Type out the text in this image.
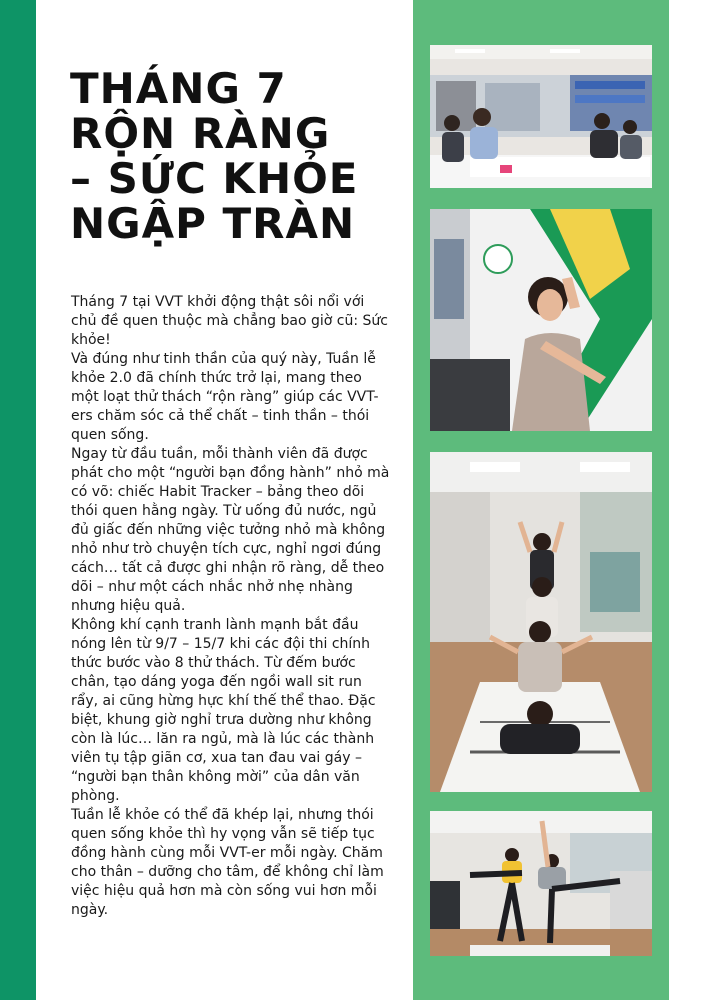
THÁNG 7
RỘN RÀNG
– SỨC KHỎE
NGẬP TRÀN

Tháng 7 tại VVT khởi động thật sôi nổi với chủ đề quen thuộc mà chẳng bao giờ cũ: Sức khỏe!

Và đúng như tinh thần của quý này, Tuần lễ khỏe 2.0 đã chính thức trở lại, mang theo một loạt thử thách “rộn ràng” giúp các VVT-ers chăm sóc cả thể chất – tinh thần – thói quen sống.

Ngay từ đầu tuần, mỗi thành viên đã được phát cho một “người bạn đồng hành” nhỏ mà có võ: chiếc Habit Tracker – bảng theo dõi thói quen hằng ngày. Từ uống đủ nước, ngủ đủ giấc đến những việc tưởng nhỏ mà không nhỏ như trò chuyện tích cực, nghỉ ngơi đúng cách… tất cả được ghi nhận rõ ràng, dễ theo dõi – như một cách nhắc nhở nhẹ nhàng nhưng hiệu quả.

Không khí cạnh tranh lành mạnh bắt đầu nóng lên từ 9/7 – 15/7 khi các đội thi chính thức bước vào 8 thử thách. Từ đếm bước chân, tạo dáng yoga đến ngồi wall sit run rẩy, ai cũng hừng hực khí thế thể thao. Đặc biệt, khung giờ nghỉ trưa dường như không còn là lúc… lăn ra ngủ, mà là lúc các thành viên tụ tập giãn cơ, xua tan đau vai gáy – “người bạn thân không mời” của dân văn phòng.

Tuần lễ khỏe có thể đã khép lại, nhưng thói quen sống khỏe thì hy vọng vẫn sẽ tiếp tục đồng hành cùng mỗi VVT-er mỗi ngày. Chăm cho thân – dưỡng cho tâm, để không chỉ làm việc hiệu quả hơn mà còn sống vui hơn mỗi ngày.
